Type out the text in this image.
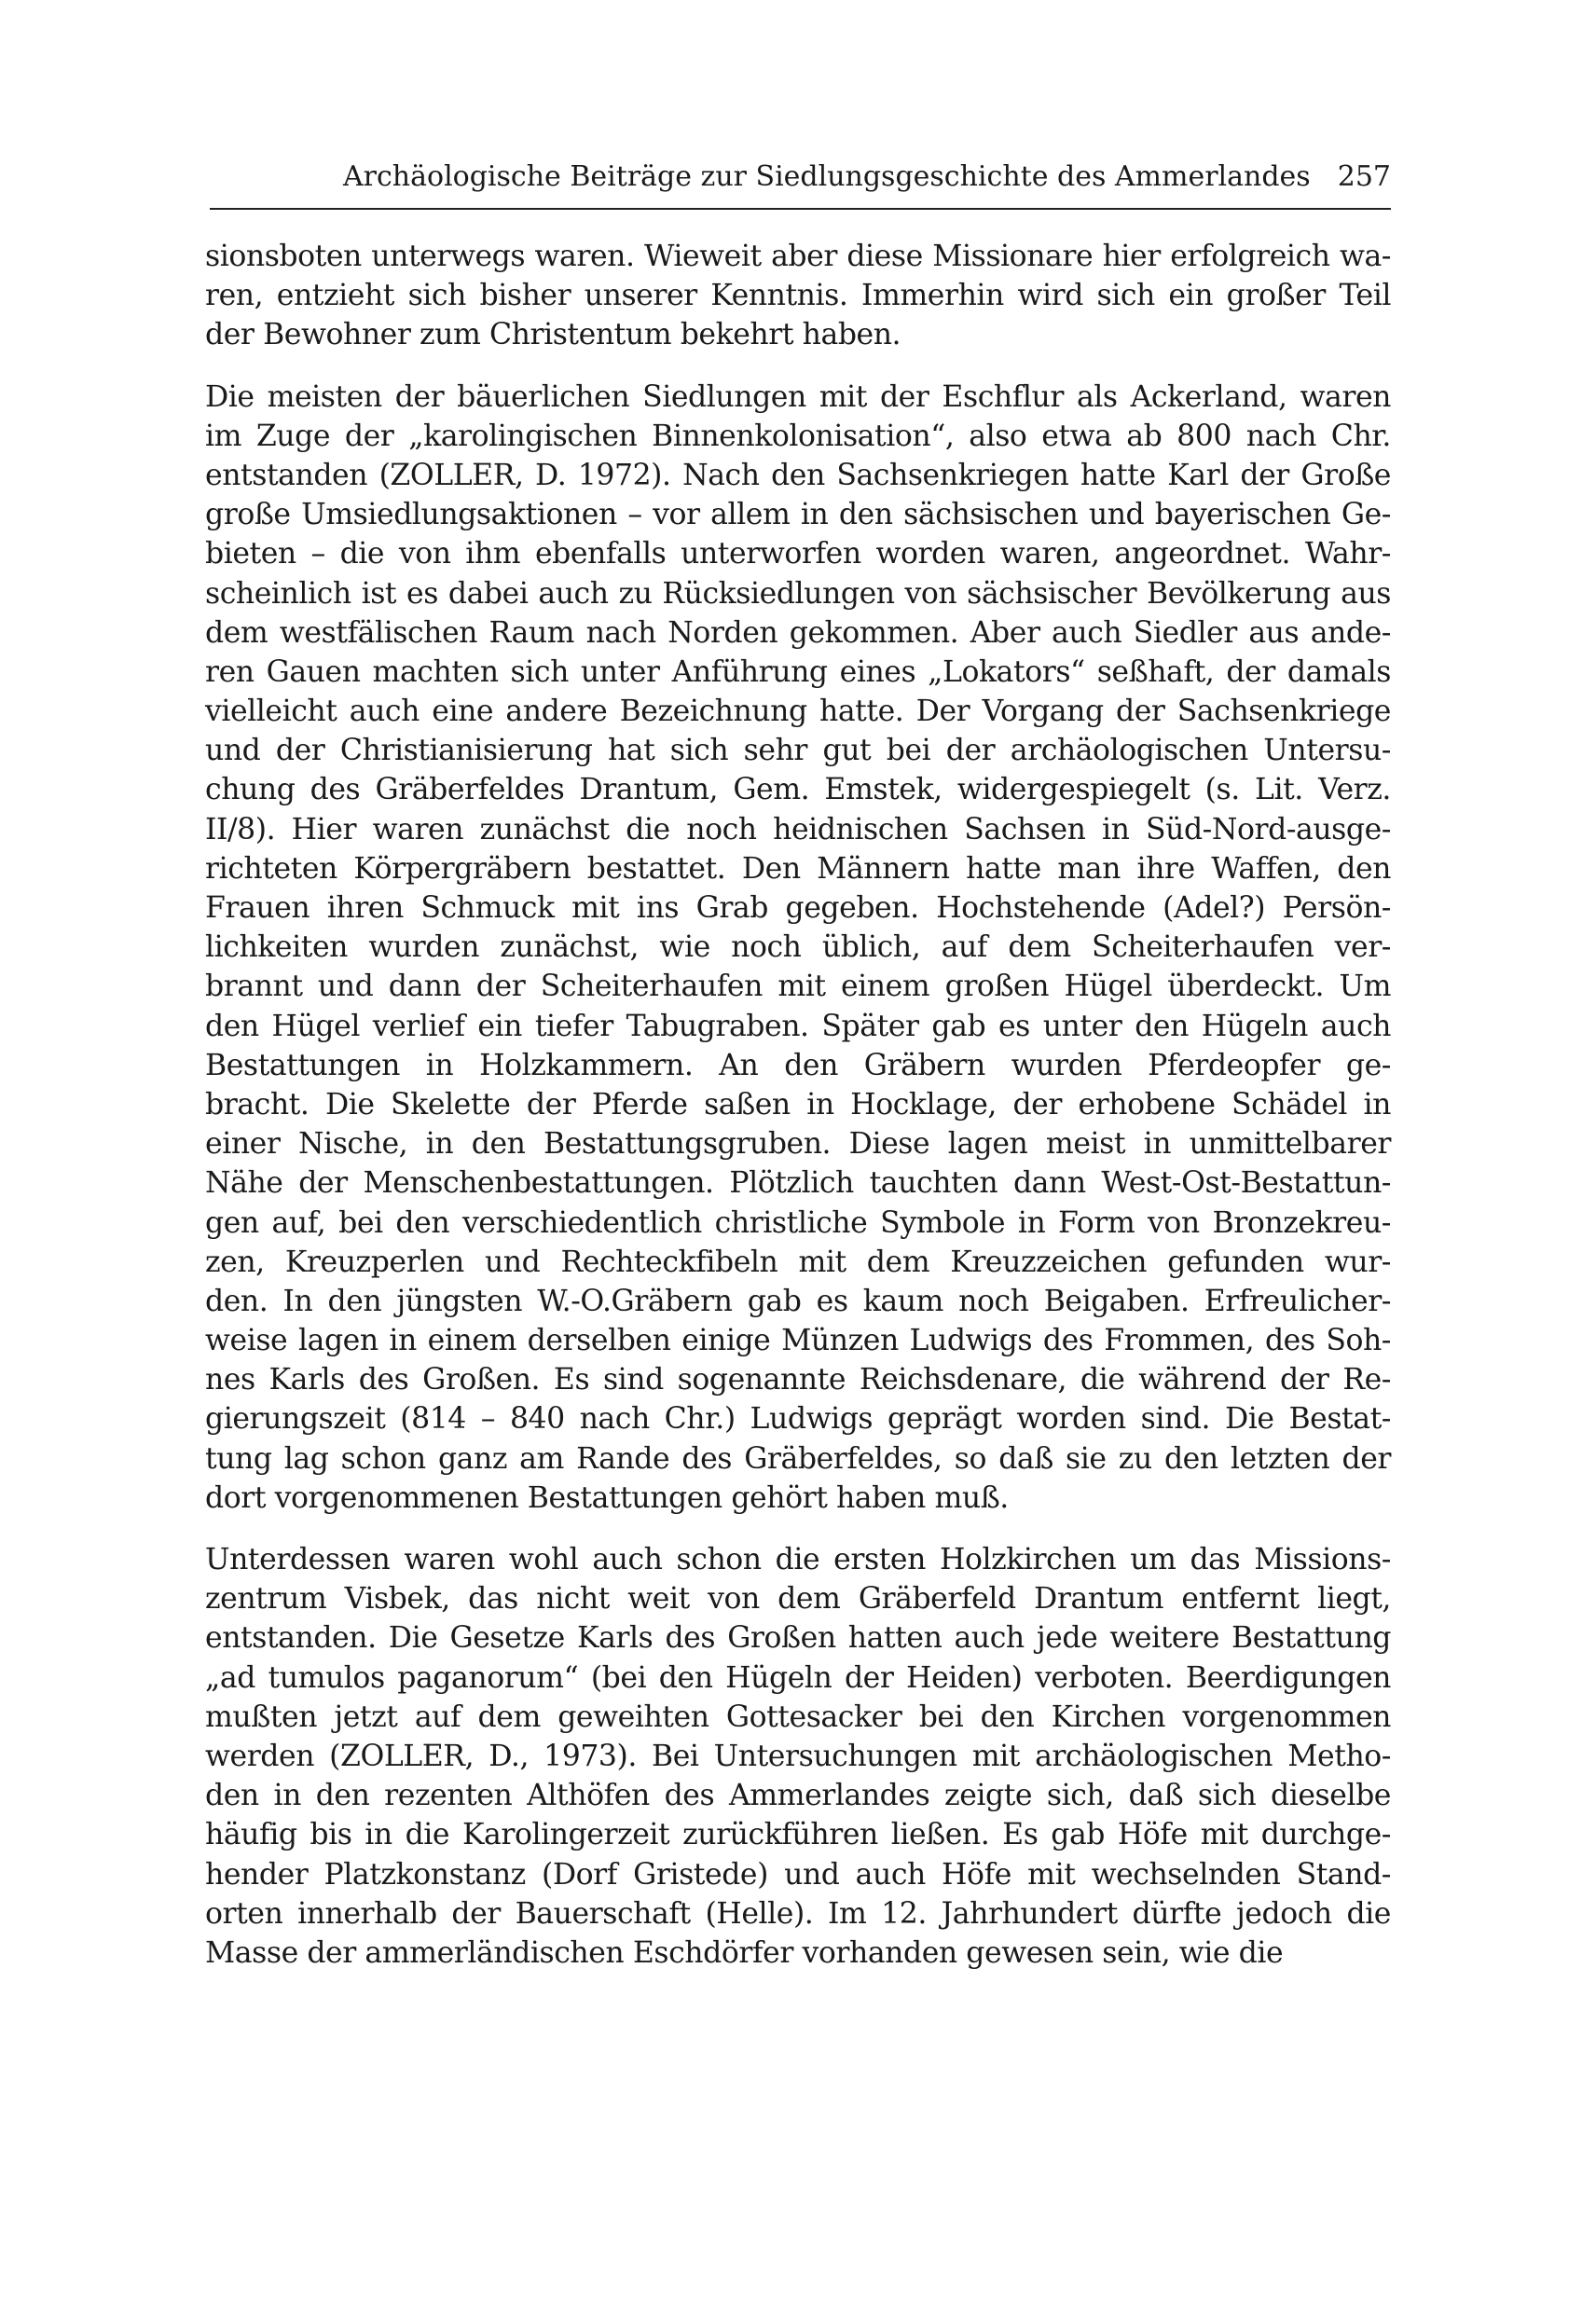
Archäologische Beiträge zur Siedlungsgeschichte des Ammerlandes 257
sionsboten unterwegs waren. Wieweit aber diese Missionare hier erfolgreich wa-
ren, entzieht sich bisher unserer Kenntnis. Immerhin wird sich ein großer Teil
der Bewohner zum Christentum bekehrt haben.
Die meisten der bäuerlichen Siedlungen mit der Eschflur als Ackerland, waren
im Zuge der „karolingischen Binnenkolonisation“, also etwa ab 800 nach Chr.
entstanden (ZOLLER, D. 1972). Nach den Sachsenkriegen hatte Karl der Große
große Umsiedlungsaktionen – vor allem in den sächsischen und bayerischen Ge-
bieten – die von ihm ebenfalls unterworfen worden waren, angeordnet. Wahr-
scheinlich ist es dabei auch zu Rücksiedlungen von sächsischer Bevölkerung aus
dem westfälischen Raum nach Norden gekommen. Aber auch Siedler aus ande-
ren Gauen machten sich unter Anführung eines „Lokators“ seßhaft, der damals
vielleicht auch eine andere Bezeichnung hatte. Der Vorgang der Sachsenkriege
und der Christianisierung hat sich sehr gut bei der archäologischen Untersu-
chung des Gräberfeldes Drantum, Gem. Emstek, widergespiegelt (s. Lit. Verz.
II/8). Hier waren zunächst die noch heidnischen Sachsen in Süd-Nord-ausge-
richteten Körpergräbern bestattet. Den Männern hatte man ihre Waffen, den
Frauen ihren Schmuck mit ins Grab gegeben. Hochstehende (Adel?) Persön-
lichkeiten wurden zunächst, wie noch üblich, auf dem Scheiterhaufen ver-
brannt und dann der Scheiterhaufen mit einem großen Hügel überdeckt. Um
den Hügel verlief ein tiefer Tabugraben. Später gab es unter den Hügeln auch
Bestattungen in Holzkammern. An den Gräbern wurden Pferdeopfer ge-
bracht. Die Skelette der Pferde saßen in Hocklage, der erhobene Schädel in
einer Nische, in den Bestattungsgruben. Diese lagen meist in unmittelbarer
Nähe der Menschenbestattungen. Plötzlich tauchten dann West-Ost-Bestattun-
gen auf, bei den verschiedentlich christliche Symbole in Form von Bronzekreu-
zen, Kreuzperlen und Rechteckfibeln mit dem Kreuzzeichen gefunden wur-
den. In den jüngsten W.-O.Gräbern gab es kaum noch Beigaben. Erfreulicher-
weise lagen in einem derselben einige Münzen Ludwigs des Frommen, des Soh-
nes Karls des Großen. Es sind sogenannte Reichsdenare, die während der Re-
gierungszeit (814 – 840 nach Chr.) Ludwigs geprägt worden sind. Die Bestat-
tung lag schon ganz am Rande des Gräberfeldes, so daß sie zu den letzten der
dort vorgenommenen Bestattungen gehört haben muß.
Unterdessen waren wohl auch schon die ersten Holzkirchen um das Missions-
zentrum Visbek, das nicht weit von dem Gräberfeld Drantum entfernt liegt,
entstanden. Die Gesetze Karls des Großen hatten auch jede weitere Bestattung
„ad tumulos paganorum“ (bei den Hügeln der Heiden) verboten. Beerdigungen
mußten jetzt auf dem geweihten Gottesacker bei den Kirchen vorgenommen
werden (ZOLLER, D., 1973). Bei Untersuchungen mit archäologischen Metho-
den in den rezenten Althöfen des Ammerlandes zeigte sich, daß sich dieselbe
häufig bis in die Karolingerzeit zurückführen ließen. Es gab Höfe mit durchge-
hender Platzkonstanz (Dorf Gristede) und auch Höfe mit wechselnden Stand-
orten innerhalb der Bauerschaft (Helle). Im 12. Jahrhundert dürfte jedoch die
Masse der ammerländischen Eschdörfer vorhanden gewesen sein, wie die
